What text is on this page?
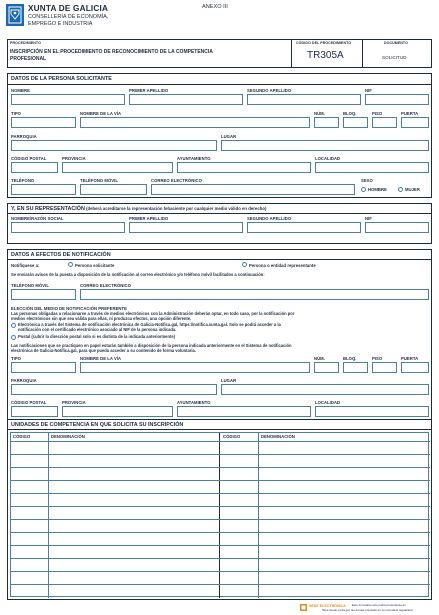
XUNTA DE GALICIA
CONSELLERÍA DE ECONOMÍA,
EMPREGO E INDUSTRIA
ANEXO III
PROCEDIMIENTO
INSCRIPCIÓN EN EL PROCEDIMIENTO DE RECONOCIMIENTO DE LA COMPETENCIA
PROFESIONAL
CÓDIGO DEL PROCEDIMIENTO
TR305A
DOCUMENTO
SOLICITUD
DATOS DE LA PERSONA SOLICITANTE
NOMBRE	PRIMER APELLIDO	SEGUNDO APELLIDO	NIF
TIPO	NOMBRE DE LA VÍA	NÚM.	BLOQ.	PISO	PUERTA
PARROQUIA	LUGAR
CÓDIGO POSTAL	PROVINCIA	AYUNTAMIENTO	LOCALIDAD
TELÉFONO	TELÉFONO MÓVIL	CORREO ELECTRÓNICO	SEXO
HOMBRE	MUJER
Y, EN SU REPRESENTACIÓN (deberá acreditarse la representación fehaciente por cualquier medio válido en derecho)
NOMBRE/RAZÓN SOCIAL	PRIMER APELLIDO	SEGUNDO APELLIDO	NIF
DATOS A EFECTOS DE NOTIFICACIÓN
Notifíquese a:	Persona solicitante	Persona o entidad representante
Se enviarán avisos de la puesta a disposición de la notificación al correo electrónico y/o teléfono móvil facilitados a continuación:
TELÉFONO MÓVIL	CORREO ELECTRÓNICO
ELECCIÓN DEL MEDIO DE NOTIFICACIÓN PREFERENTE
Las personas obligadas a relacionarse a través de medios electrónicos con la Administración deberán optar, en todo caso, por la notificación por
medios electrónicos sin que sea válida para ellas, ni produzca efectos, una opción diferente.
Electrónica a través del Sistema de notificación electrónica de Galicia-Notifica.gal, https://notifica.xunta.gal. Solo se podrá acceder a la
notificación con el certificado electrónico asociado al NIF de la persona indicada.
Postal (cubrir la dirección postal solo si es distinta de la indicada anteriormente)
Las notificaciones que se practiquen en papel estarán también a disposición de la persona indicada anteriormente en el Sistema de notificación
electrónica de Galicia-Notifica.gal, para que pueda acceder a su contenido de forma voluntaria.
TIPO	NOMBRE DE LA VÍA	NÚM.	BLOQ.	PISO	PUERTA
PARROQUIA	LUGAR
CÓDIGO POSTAL	PROVINCIA	AYUNTAMIENTO	LOCALIDAD
UNIDADES DE COMPETENCIA EN QUE SOLICITA SU INSCRIPCIÓN
CÓDIGO	DENOMINACIÓN	CÓDIGO	DENOMINACIÓN
SEDE ELECTRÓNICA Este formulario solo podrá presentarse en
https://sede.xunta.gal, las formas previstas en su normativa reguladora
